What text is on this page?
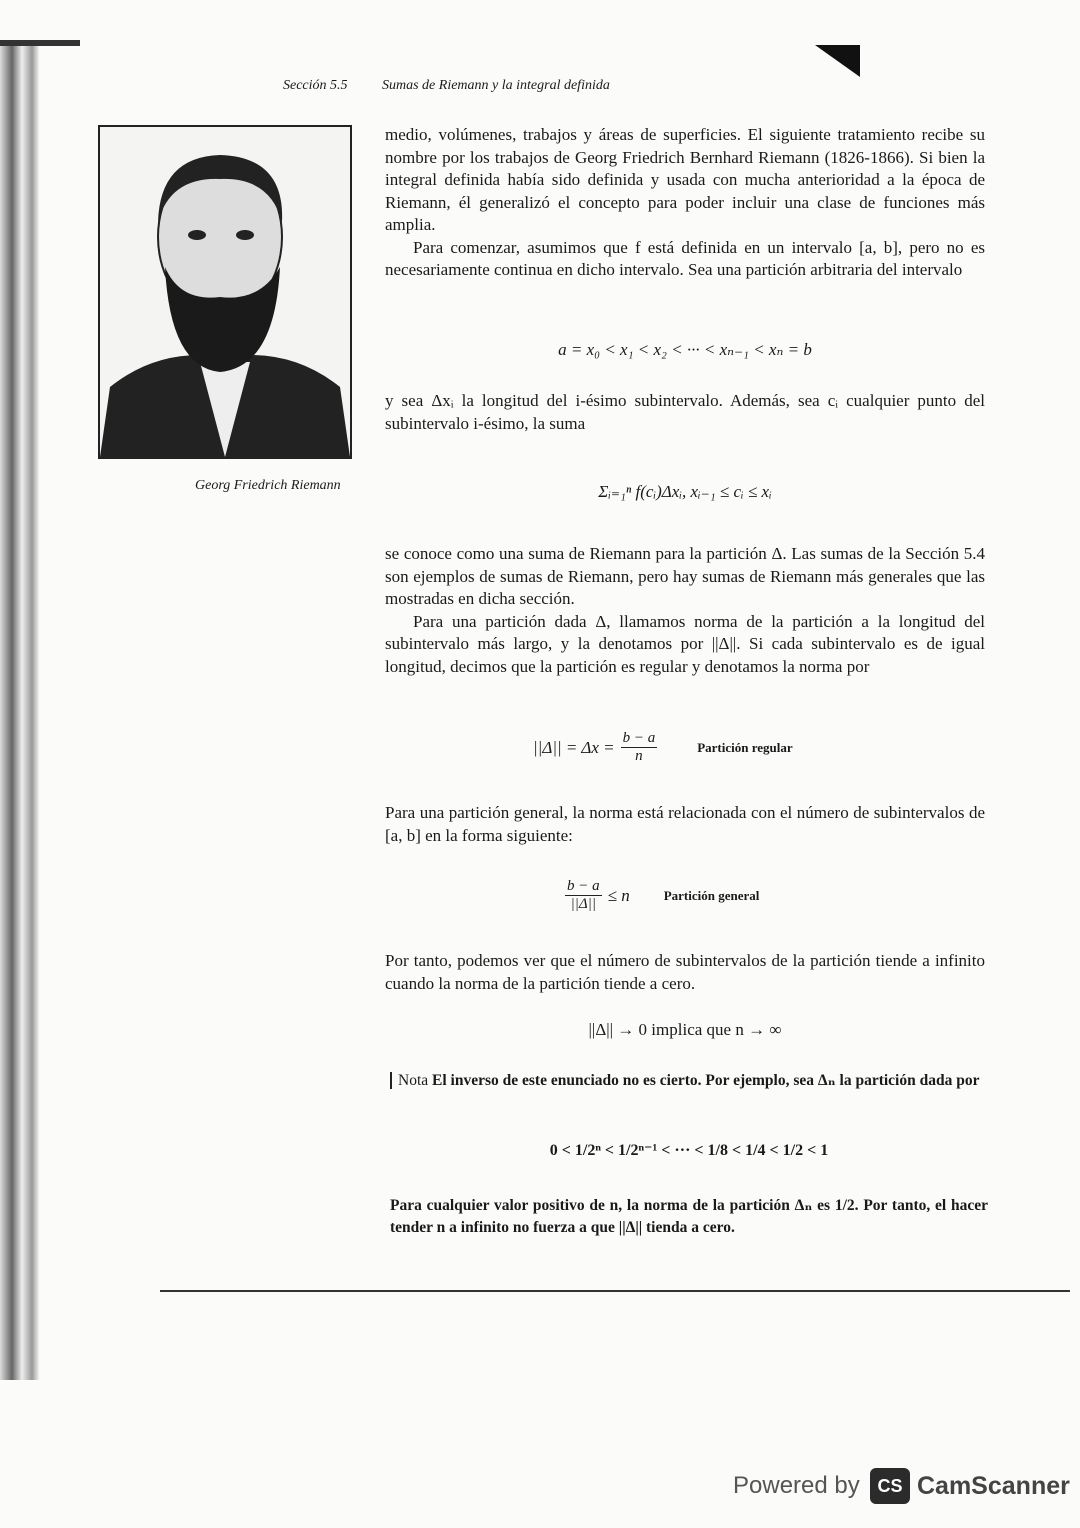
Sección 5.5 Sumas de Riemann y la integral definida
Georg Friedrich Riemann

medio, volúmenes, trabajos y áreas de superficies. El siguiente tratamiento recibe su nombre por los trabajos de Georg Friedrich Bernhard Riemann (1826-1866). Si bien la integral definida había sido definida y usada con mucha anterioridad a la época de Riemann, él generalizó el concepto para poder incluir una clase de funciones más amplia.

Para comenzar, asumimos que f está definida en un intervalo [a, b], pero no es necesariamente continua en dicho intervalo. Sea una partición arbitraria del intervalo

a = x₀ < x₁ < x₂ < ··· < xₙ₋₁ < xₙ = b
y sea Δxᵢ la longitud del i-ésimo subintervalo. Además, sea cᵢ cualquier punto del subintervalo i-ésimo, la suma
Σᵢ₌₁ⁿ f(cᵢ)Δxᵢ, xᵢ₋₁ ≤ cᵢ ≤ xᵢ

se conoce como una suma de Riemann para la partición Δ. Las sumas de la Sección 5.4 son ejemplos de sumas de Riemann, pero hay sumas de Riemann más generales que las mostradas en dicha sección.

Para una partición dada Δ, llamamos norma de la partición a la longitud del subintervalo más largo, y la denotamos por ||Δ||. Si cada subintervalo es de igual longitud, decimos que la partición es regular y denotamos la norma por

$||\Delta|| = \Delta x = \frac{b - a}{n}$	Partición regular
Para una partición general, la norma está relacionada con el número de subintervalos de [a, b] en la forma siguiente:
$\frac{b - a}{||\Delta||} \le n$	Partición general
Por tanto, podemos ver que el número de subintervalos de la partición tiende a infinito cuando la norma de la partición tiende a cero.
||Δ|| → 0 implica que n → ∞
Nota El inverso de este enunciado no es cierto. Por ejemplo, sea Δₙ la partición dada por
0 < 1/2ⁿ < 1/2ⁿ⁻¹ < ··· < 1/8 < 1/4 < 1/2 < 1
Para cualquier valor positivo de n, la norma de la partición Δₙ es 1/2. Por tanto, el hacer tender n a infinito no fuerza a que ||Δ|| tienda a cero.
Powered by CS CamScanner
